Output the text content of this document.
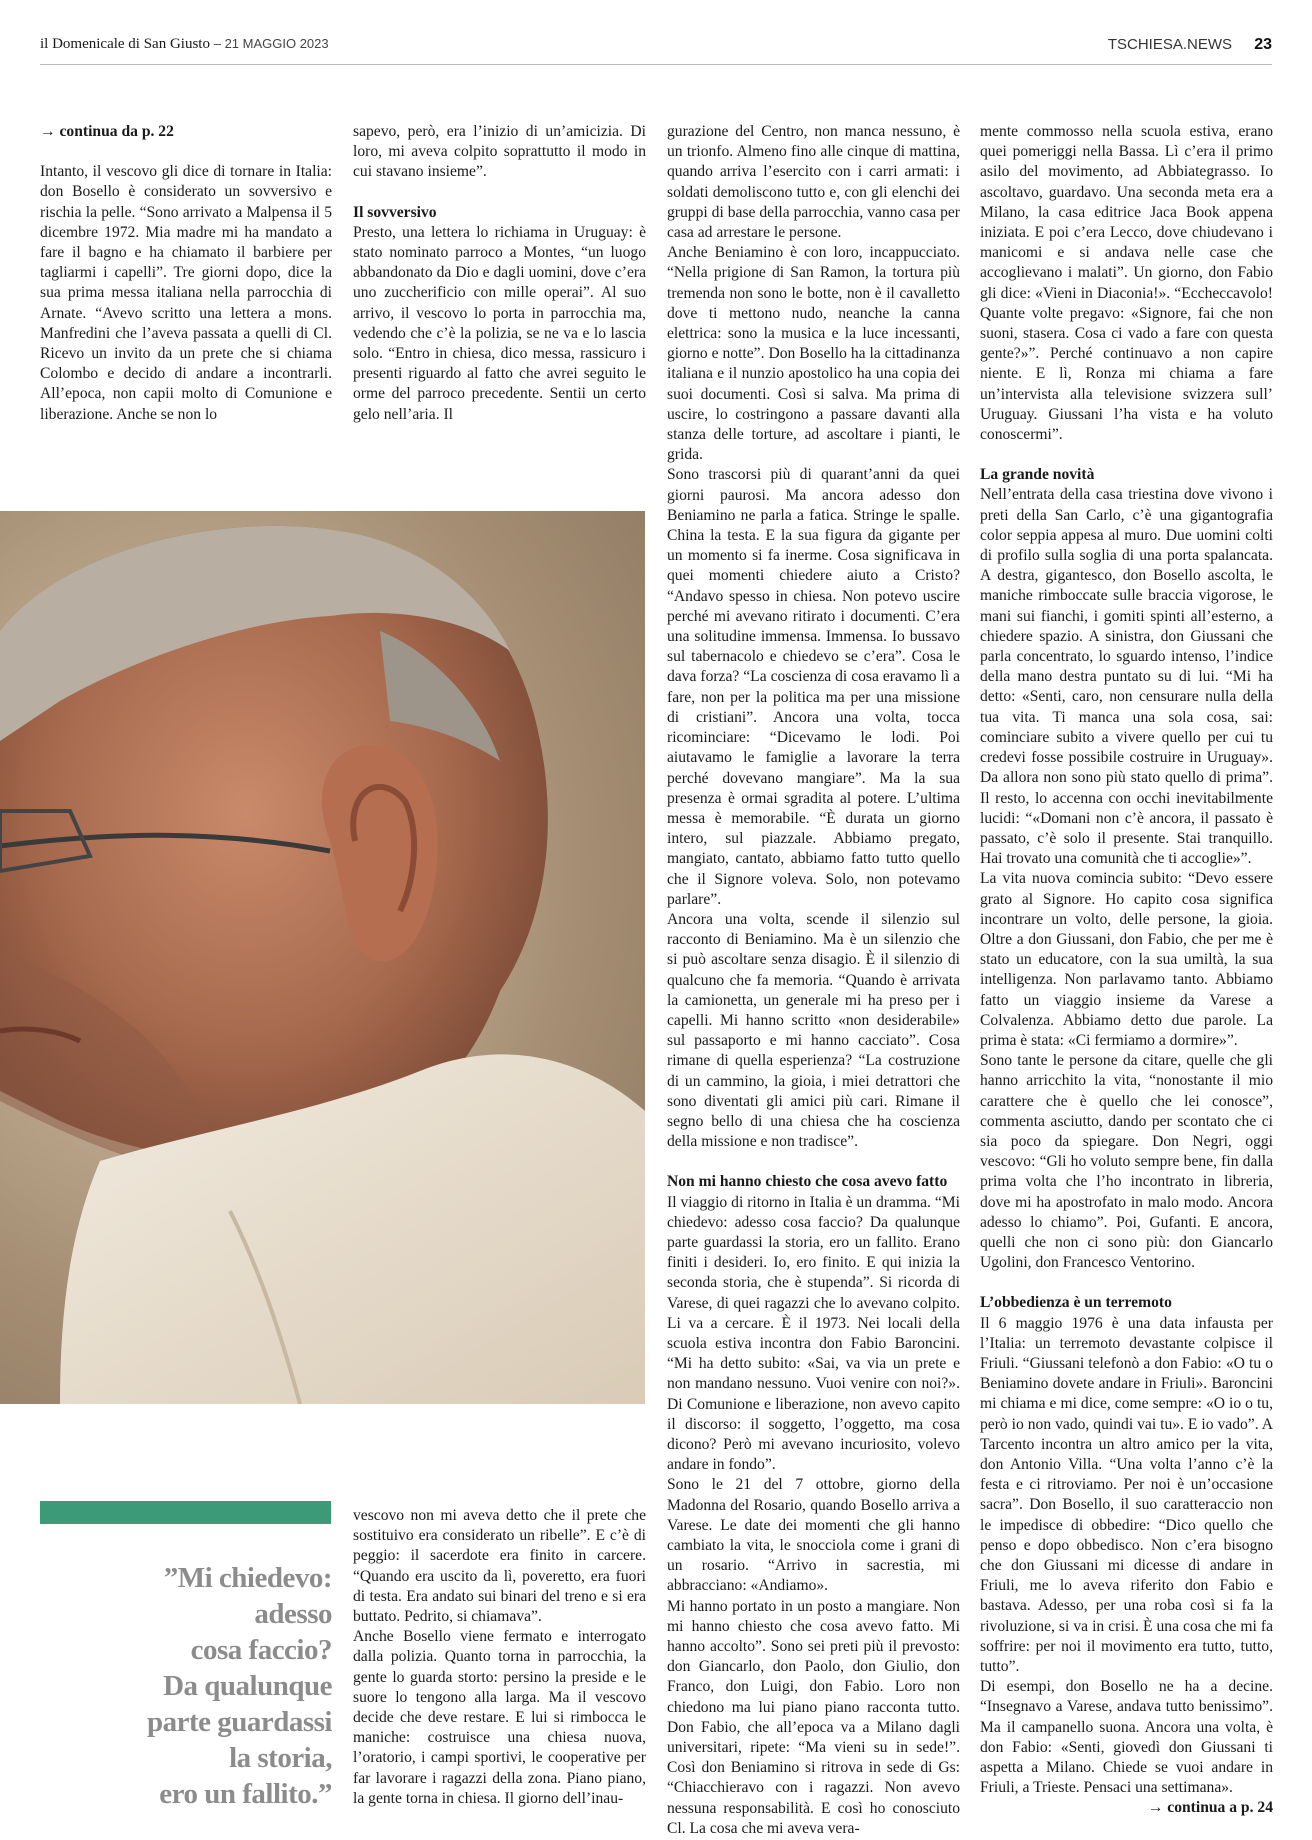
il Domenicale di San Giusto – 21 MAGGIO 2023	TSCHIESA.NEWS 23

→ continua da p. 22

Intanto, il vescovo gli dice di tornare in Italia: don Bosello è considerato un sovversivo e rischia la pelle. “Sono arrivato a Malpensa il 5 dicembre 1972. Mia madre mi ha mandato a fare il bagno e ha chiamato il barbiere per tagliarmi i capelli”. Tre giorni dopo, dice la sua prima messa italiana nella parrocchia di Arnate. “Avevo scritto una lettera a mons. Manfredini che l’aveva passata a quelli di Cl. Ricevo un invito da un prete che si chiama Colombo e decido di andare a incontrarli. All’epoca, non capii molto di Comunione e liberazione. Anche se non lo

sapevo, però, era l’inizio di un’amicizia. Di loro, mi aveva colpito soprattutto il modo in cui stavano insieme”.

Il sovversivo

Presto, una lettera lo richiama in Uruguay: è stato nominato parroco a Montes, “un luogo abbandonato da Dio e dagli uomini, dove c’era uno zuccherificio con mille operai”. Al suo arrivo, il vescovo lo porta in parrocchia ma, vedendo che c’è la polizia, se ne va e lo lascia solo. “Entro in chiesa, dico messa, rassicuro i presenti riguardo al fatto che avrei seguito le orme del parroco precedente. Sentii un certo gelo nell’aria. Il

”Mi chiedevo:
adesso
cosa faccio?
Da qualunque
parte guardassi
la storia,
ero un fallito.”

vescovo non mi aveva detto che il prete che sostituivo era considerato un ribelle”. E c’è di peggio: il sacerdote era finito in carcere. “Quando era uscito da lì, poveretto, era fuori di testa. Era andato sui binari del treno e si era buttato. Pedrito, si chiamava”.

Anche Bosello viene fermato e interrogato dalla polizia. Quanto torna in parrocchia, la gente lo guarda storto: persino la preside e le suore lo tengono alla larga. Ma il vescovo decide che deve restare. E lui si rimbocca le maniche: costruisce una chiesa nuova, l’oratorio, i campi sportivi, le cooperative per far lavorare i ragazzi della zona. Piano piano, la gente torna in chiesa. Il giorno dell’inau-

gurazione del Centro, non manca nessuno, è un trionfo. Almeno fino alle cinque di mattina, quando arriva l’esercito con i carri armati: i soldati demoliscono tutto e, con gli elenchi dei gruppi di base della parrocchia, vanno casa per casa ad arrestare le persone.

Anche Beniamino è con loro, incappucciato. “Nella prigione di San Ramon, la tortura più tremenda non sono le botte, non è il cavalletto dove ti mettono nudo, neanche la canna elettrica: sono la musica e la luce incessanti, giorno e notte”. Don Bosello ha la cittadinanza italiana e il nunzio apostolico ha una copia dei suoi documenti. Così si salva. Ma prima di uscire, lo costringono a passare davanti alla stanza delle torture, ad ascoltare i pianti, le grida.

Sono trascorsi più di quarant’anni da quei giorni paurosi. Ma ancora adesso don Beniamino ne parla a fatica. Stringe le spalle. China la testa. E la sua figura da gigante per un momento si fa inerme. Cosa significava in quei momenti chiedere aiuto a Cristo? “Andavo spesso in chiesa. Non potevo uscire perché mi avevano ritirato i documenti. C’era una solitudine immensa. Immensa. Io bussavo sul tabernacolo e chiedevo se c’era”. Cosa le dava forza? “La coscienza di cosa eravamo lì a fare, non per la politica ma per una missione di cristiani”. Ancora una volta, tocca ricominciare: “Dicevamo le lodi. Poi aiutavamo le famiglie a lavorare la terra perché dovevano mangiare”. Ma la sua presenza è ormai sgradita al potere. L’ultima messa è memorabile. “È durata un giorno intero, sul piazzale. Abbiamo pregato, mangiato, cantato, abbiamo fatto tutto quello che il Signore voleva. Solo, non potevamo parlare”.

Ancora una volta, scende il silenzio sul racconto di Beniamino. Ma è un silenzio che si può ascoltare senza disagio. È il silenzio di qualcuno che fa memoria. “Quando è arrivata la camionetta, un generale mi ha preso per i capelli. Mi hanno scritto «non desiderabile» sul passaporto e mi hanno cacciato”. Cosa rimane di quella esperienza? “La costruzione di un cammino, la gioia, i miei detrattori che sono diventati gli amici più cari. Rimane il segno bello di una chiesa che ha coscienza della missione e non tradisce”.

Non mi hanno chiesto che cosa avevo fatto

Il viaggio di ritorno in Italia è un dramma. “Mi chiedevo: adesso cosa faccio? Da qualunque parte guardassi la storia, ero un fallito. Erano finiti i desideri. Io, ero finito. E qui inizia la seconda storia, che è stupenda”. Si ricorda di Varese, di quei ragazzi che lo avevano colpito. Li va a cercare. È il 1973. Nei locali della scuola estiva incontra don Fabio Baroncini. “Mi ha detto subito: «Sai, va via un prete e non mandano nessuno. Vuoi venire con noi?». Di Comunione e liberazione, non avevo capito il discorso: il soggetto, l’oggetto, ma cosa dicono? Però mi avevano incuriosito, volevo andare in fondo”.

Sono le 21 del 7 ottobre, giorno della Madonna del Rosario, quando Bosello arriva a Varese. Le date dei momenti che gli hanno cambiato la vita, le snocciola come i grani di un rosario. “Arrivo in sacrestia, mi abbracciano: «Andiamo».

Mi hanno portato in un posto a mangiare. Non mi hanno chiesto che cosa avevo fatto. Mi hanno accolto”. Sono sei preti più il prevosto: don Giancarlo, don Paolo, don Giulio, don Franco, don Luigi, don Fabio. Loro non chiedono ma lui piano piano racconta tutto. Don Fabio, che all’epoca va a Milano dagli universitari, ripete: “Ma vieni su in sede!”. Così don Beniamino si ritrova in sede di Gs: “Chiacchieravo con i ragazzi. Non avevo nessuna responsabilità. E così ho conosciuto Cl. La cosa che mi aveva vera-

mente commosso nella scuola estiva, erano quei pomeriggi nella Bassa. Lì c’era il primo asilo del movimento, ad Abbiategrasso. Io ascoltavo, guardavo. Una seconda meta era a Milano, la casa editrice Jaca Book appena iniziata. E poi c’era Lecco, dove chiudevano i manicomi e si andava nelle case che accoglievano i malati”. Un giorno, don Fabio gli dice: «Vieni in Diaconia!». “Eccheccavolo! Quante volte pregavo: «Signore, fai che non suoni, stasera. Cosa ci vado a fare con questa gente?»”. Perché continuavo a non capire niente. E lì, Ronza mi chiama a fare un’intervista alla televisione svizzera sull’ Uruguay. Giussani l’ha vista e ha voluto conoscermi”.

La grande novità

Nell’entrata della casa triestina dove vivono i preti della San Carlo, c’è una gigantografia color seppia appesa al muro. Due uomini colti di profilo sulla soglia di una porta spalancata. A destra, gigantesco, don Bosello ascolta, le maniche rimboccate sulle braccia vigorose, le mani sui fianchi, i gomiti spinti all’esterno, a chiedere spazio. A sinistra, don Giussani che parla concentrato, lo sguardo intenso, l’indice della mano destra puntato su di lui. “Mi ha detto: «Senti, caro, non censurare nulla della tua vita. Ti manca una sola cosa, sai: cominciare subito a vivere quello per cui tu credevi fosse possibile costruire in Uruguay». Da allora non sono più stato quello di prima”. Il resto, lo accenna con occhi inevitabilmente lucidi: “«Domani non c’è ancora, il passato è passato, c’è solo il presente. Stai tranquillo. Hai trovato una comunità che ti accoglie»”.

La vita nuova comincia subito: “Devo essere grato al Signore. Ho capito cosa significa incontrare un volto, delle persone, la gioia. Oltre a don Giussani, don Fabio, che per me è stato un educatore, con la sua umiltà, la sua intelligenza. Non parlavamo tanto. Abbiamo fatto un viaggio insieme da Varese a Colvalenza. Abbiamo detto due parole. La prima è stata: «Ci fermiamo a dormire»”.

Sono tante le persone da citare, quelle che gli hanno arricchito la vita, “nonostante il mio carattere che è quello che lei conosce”, commenta asciutto, dando per scontato che ci sia poco da spiegare. Don Negri, oggi vescovo: “Gli ho voluto sempre bene, fin dalla prima volta che l’ho incontrato in libreria, dove mi ha apostrofato in malo modo. Ancora adesso lo chiamo”. Poi, Gufanti. E ancora, quelli che non ci sono più: don Giancarlo Ugolini, don Francesco Ventorino.

L’obbedienza è un terremoto

Il 6 maggio 1976 è una data infausta per l’Italia: un terremoto devastante colpisce il Friuli. “Giussani telefonò a don Fabio: «O tu o Beniamino dovete andare in Friuli». Baroncini mi chiama e mi dice, come sempre: «O io o tu, però io non vado, quindi vai tu». E io vado”. A Tarcento incontra un altro amico per la vita, don Antonio Villa. “Una volta l’anno c’è la festa e ci ritroviamo. Per noi è un’occasione sacra”. Don Bosello, il suo caratteraccio non le impedisce di obbedire: “Dico quello che penso e dopo obbedisco. Non c’era bisogno che don Giussani mi dicesse di andare in Friuli, me lo aveva riferito don Fabio e bastava. Adesso, per una roba così si fa la rivoluzione, si va in crisi. È una cosa che mi fa soffrire: per noi il movimento era tutto, tutto, tutto”.

Di esempi, don Bosello ne ha a decine. “Insegnavo a Varese, andava tutto benissimo”. Ma il campanello suona. Ancora una volta, è don Fabio: «Senti, giovedì don Giussani ti aspetta a Milano. Chiede se vuoi andare in Friuli, a Trieste. Pensaci una settimana».

→ continua a p. 24
